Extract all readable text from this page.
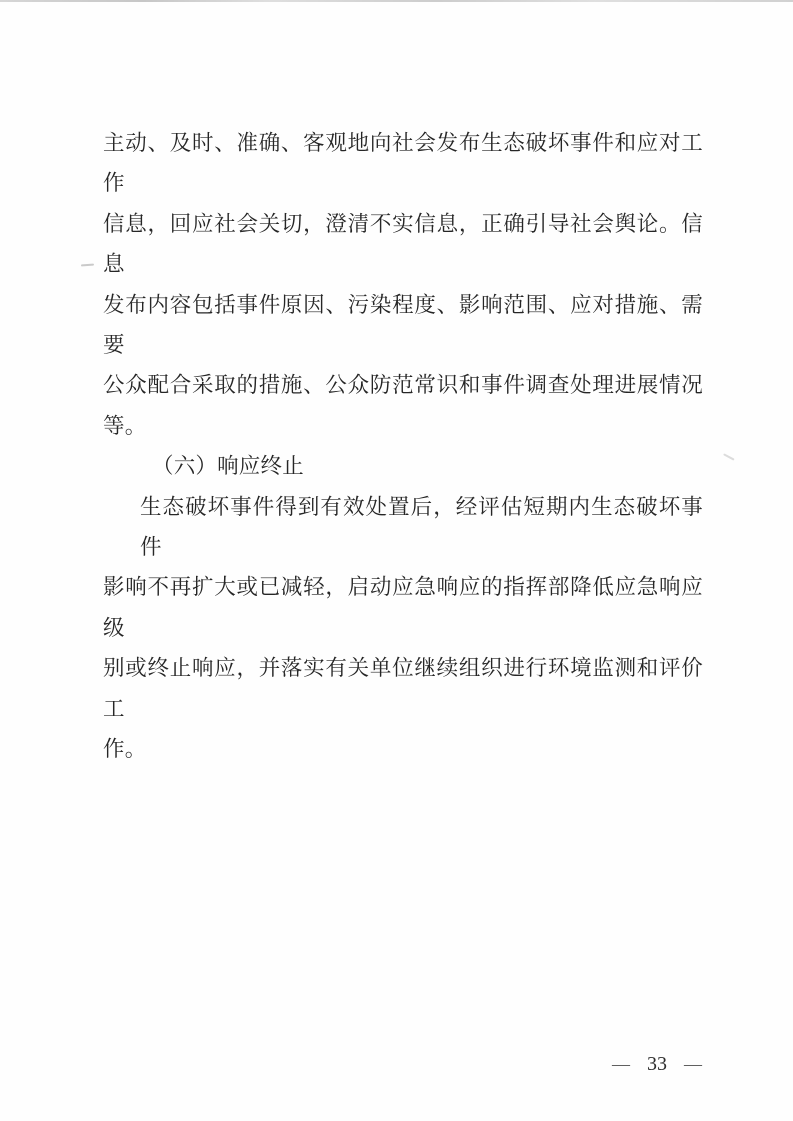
主动、及时、准确、客观地向社会发布生态破坏事件和应对工作
信息，回应社会关切，澄清不实信息，正确引导社会舆论。信息
发布内容包括事件原因、污染程度、影响范围、应对措施、需要
公众配合采取的措施、公众防范常识和事件调查处理进展情况
等。
（六）响应终止
生态破坏事件得到有效处置后，经评估短期内生态破坏事件
影响不再扩大或已减轻，启动应急响应的指挥部降低应急响应级
别或终止响应，并落实有关单位继续组织进行环境监测和评价工
作。
— 33 —
